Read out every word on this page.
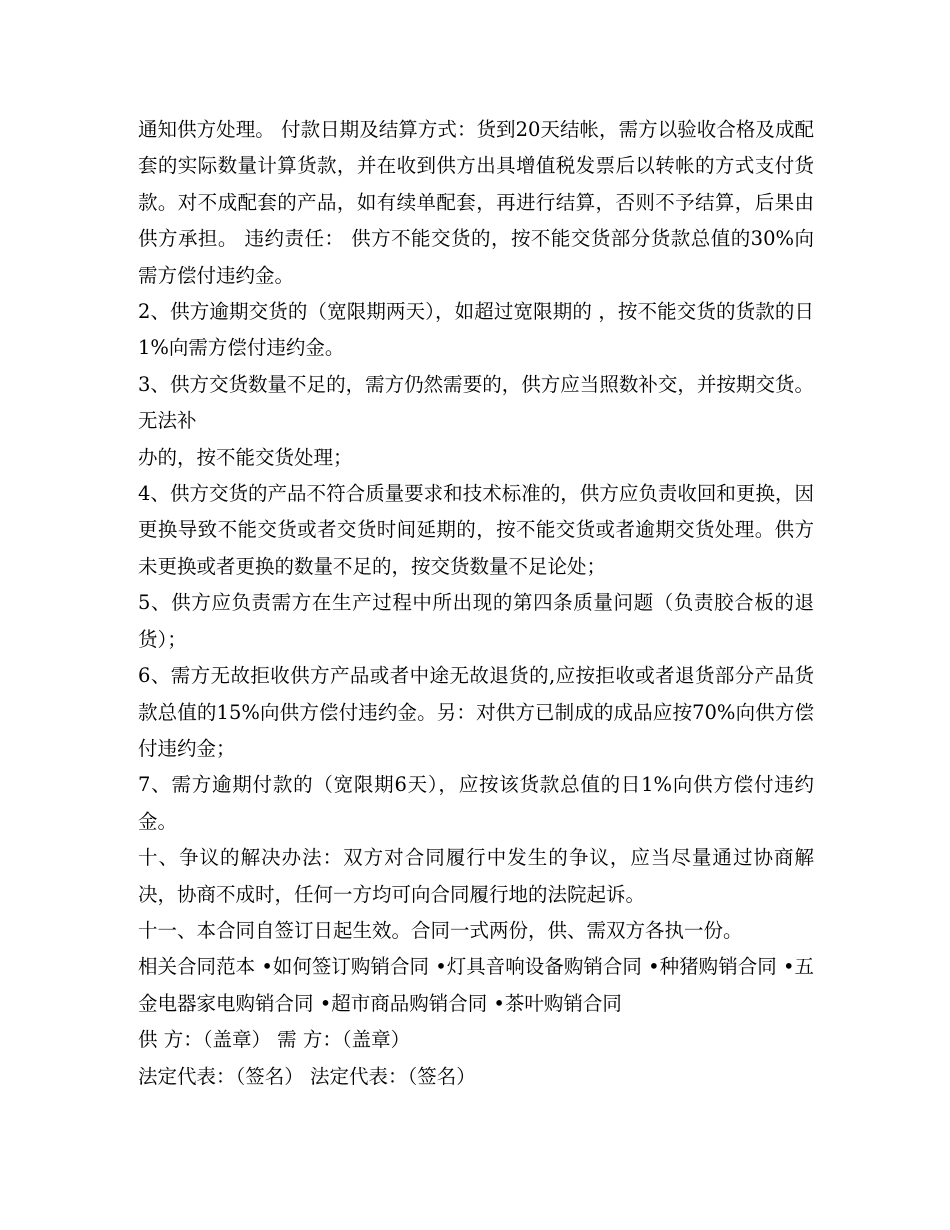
通知供方处理。 付款日期及结算方式：货到20天结帐，需方以验收合格及成配套的实际数量计算货款，并在收到供方出具增值税发票后以转帐的方式支付货款。对不成配套的产品，如有续单配套，再进行结算，否则不予结算，后果由供方承担。 违约责任： 供方不能交货的，按不能交货部分货款总值的30%向需方偿付违约金。

2、供方逾期交货的（宽限期两天），如超过宽限期的 ，按不能交货的货款的日1%向需方偿付违约金。

3、供方交货数量不足的，需方仍然需要的，供方应当照数补交，并按期交货。无法补

办的，按不能交货处理；

4、供方交货的产品不符合质量要求和技术标准的，供方应负责收回和更换，因更换导致不能交货或者交货时间延期的，按不能交货或者逾期交货处理。供方未更换或者更换的数量不足的，按交货数量不足论处；

5、供方应负责需方在生产过程中所出现的第四条质量问题（负责胶合板的退货）；

6、需方无故拒收供方产品或者中途无故退货的,应按拒收或者退货部分产品货款总值的15%向供方偿付违约金。另：对供方已制成的成品应按70%向供方偿付违约金；

7、需方逾期付款的（宽限期6天），应按该货款总值的日1%向供方偿付违约金。

十、争议的解决办法：双方对合同履行中发生的争议，应当尽量通过协商解决，协商不成时，任何一方均可向合同履行地的法院起诉。

十一、本合同自签订日起生效。合同一式两份，供、需双方各执一份。

相关合同范本 •如何签订购销合同 •灯具音响设备购销合同 •种猪购销合同 •五金电器家电购销合同 •超市商品购销合同 •茶叶购销合同

供 方：（盖章） 需 方：（盖章）

法定代表：（签名） 法定代表：（签名）
